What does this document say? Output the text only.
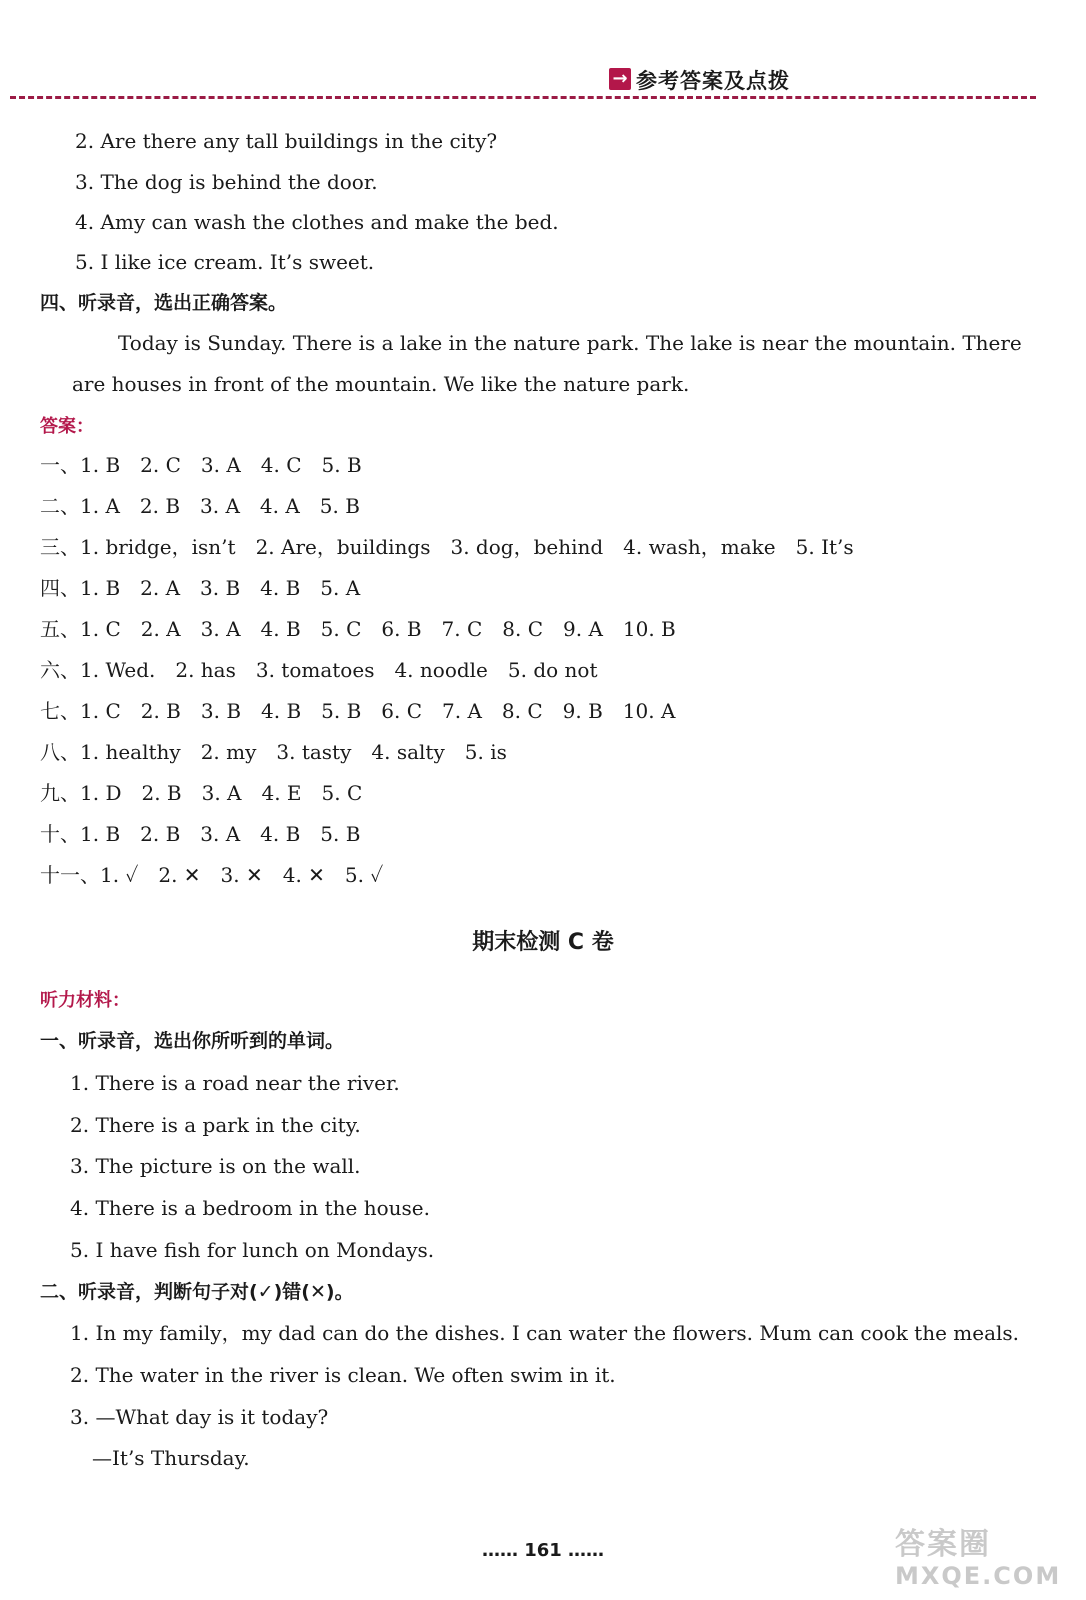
→ 参考答案及点拨
2. Are there any tall buildings in the city?
3. The dog is behind the door.
4. Amy can wash the clothes and make the bed.
5. I like ice cream. It’s sweet.
四、听录音，选出正确答案。
Today is Sunday. There is a lake in the nature park. The lake is near the mountain. There
are houses in front of the mountain. We like the nature park.
答案：
一、1. B　2. C　3. A　4. C　5. B
二、1. A　2. B　3. A　4. A　5. B
三、1. bridge，isn’t　2. Are，buildings　3. dog，behind　4. wash，make　5. It’s
四、1. B　2. A　3. B　4. B　5. A
五、1. C　2. A　3. A　4. B　5. C　6. B　7. C　8. C　9. A　10. B
六、1. Wed.　2. has　3. tomatoes　4. noodle　5. do not
七、1. C　2. B　3. B　4. B　5. B　6. C　7. A　8. C　9. B　10. A
八、1. healthy　2. my　3. tasty　4. salty　5. is
九、1. D　2. B　3. A　4. E　5. C
十、1. B　2. B　3. A　4. B　5. B
十一、1. ✓　2. ✕　3. ✕　4. ✕　5. ✓
期末检测 C 卷
听力材料：
一、听录音，选出你所听到的单词。
1. There is a road near the river.
2. There is a park in the city.
3. The picture is on the wall.
4. There is a bedroom in the house.
5. I have fish for lunch on Mondays.
二、听录音，判断句子对(✓)错(✕)。
1. In my family，my dad can do the dishes. I can water the flowers. Mum can cook the meals.
2. The water in the river is clean. We often swim in it.
3. —What day is it today?
—It’s Thursday.
…… 161 ……	答案圈
MXQE.COM
